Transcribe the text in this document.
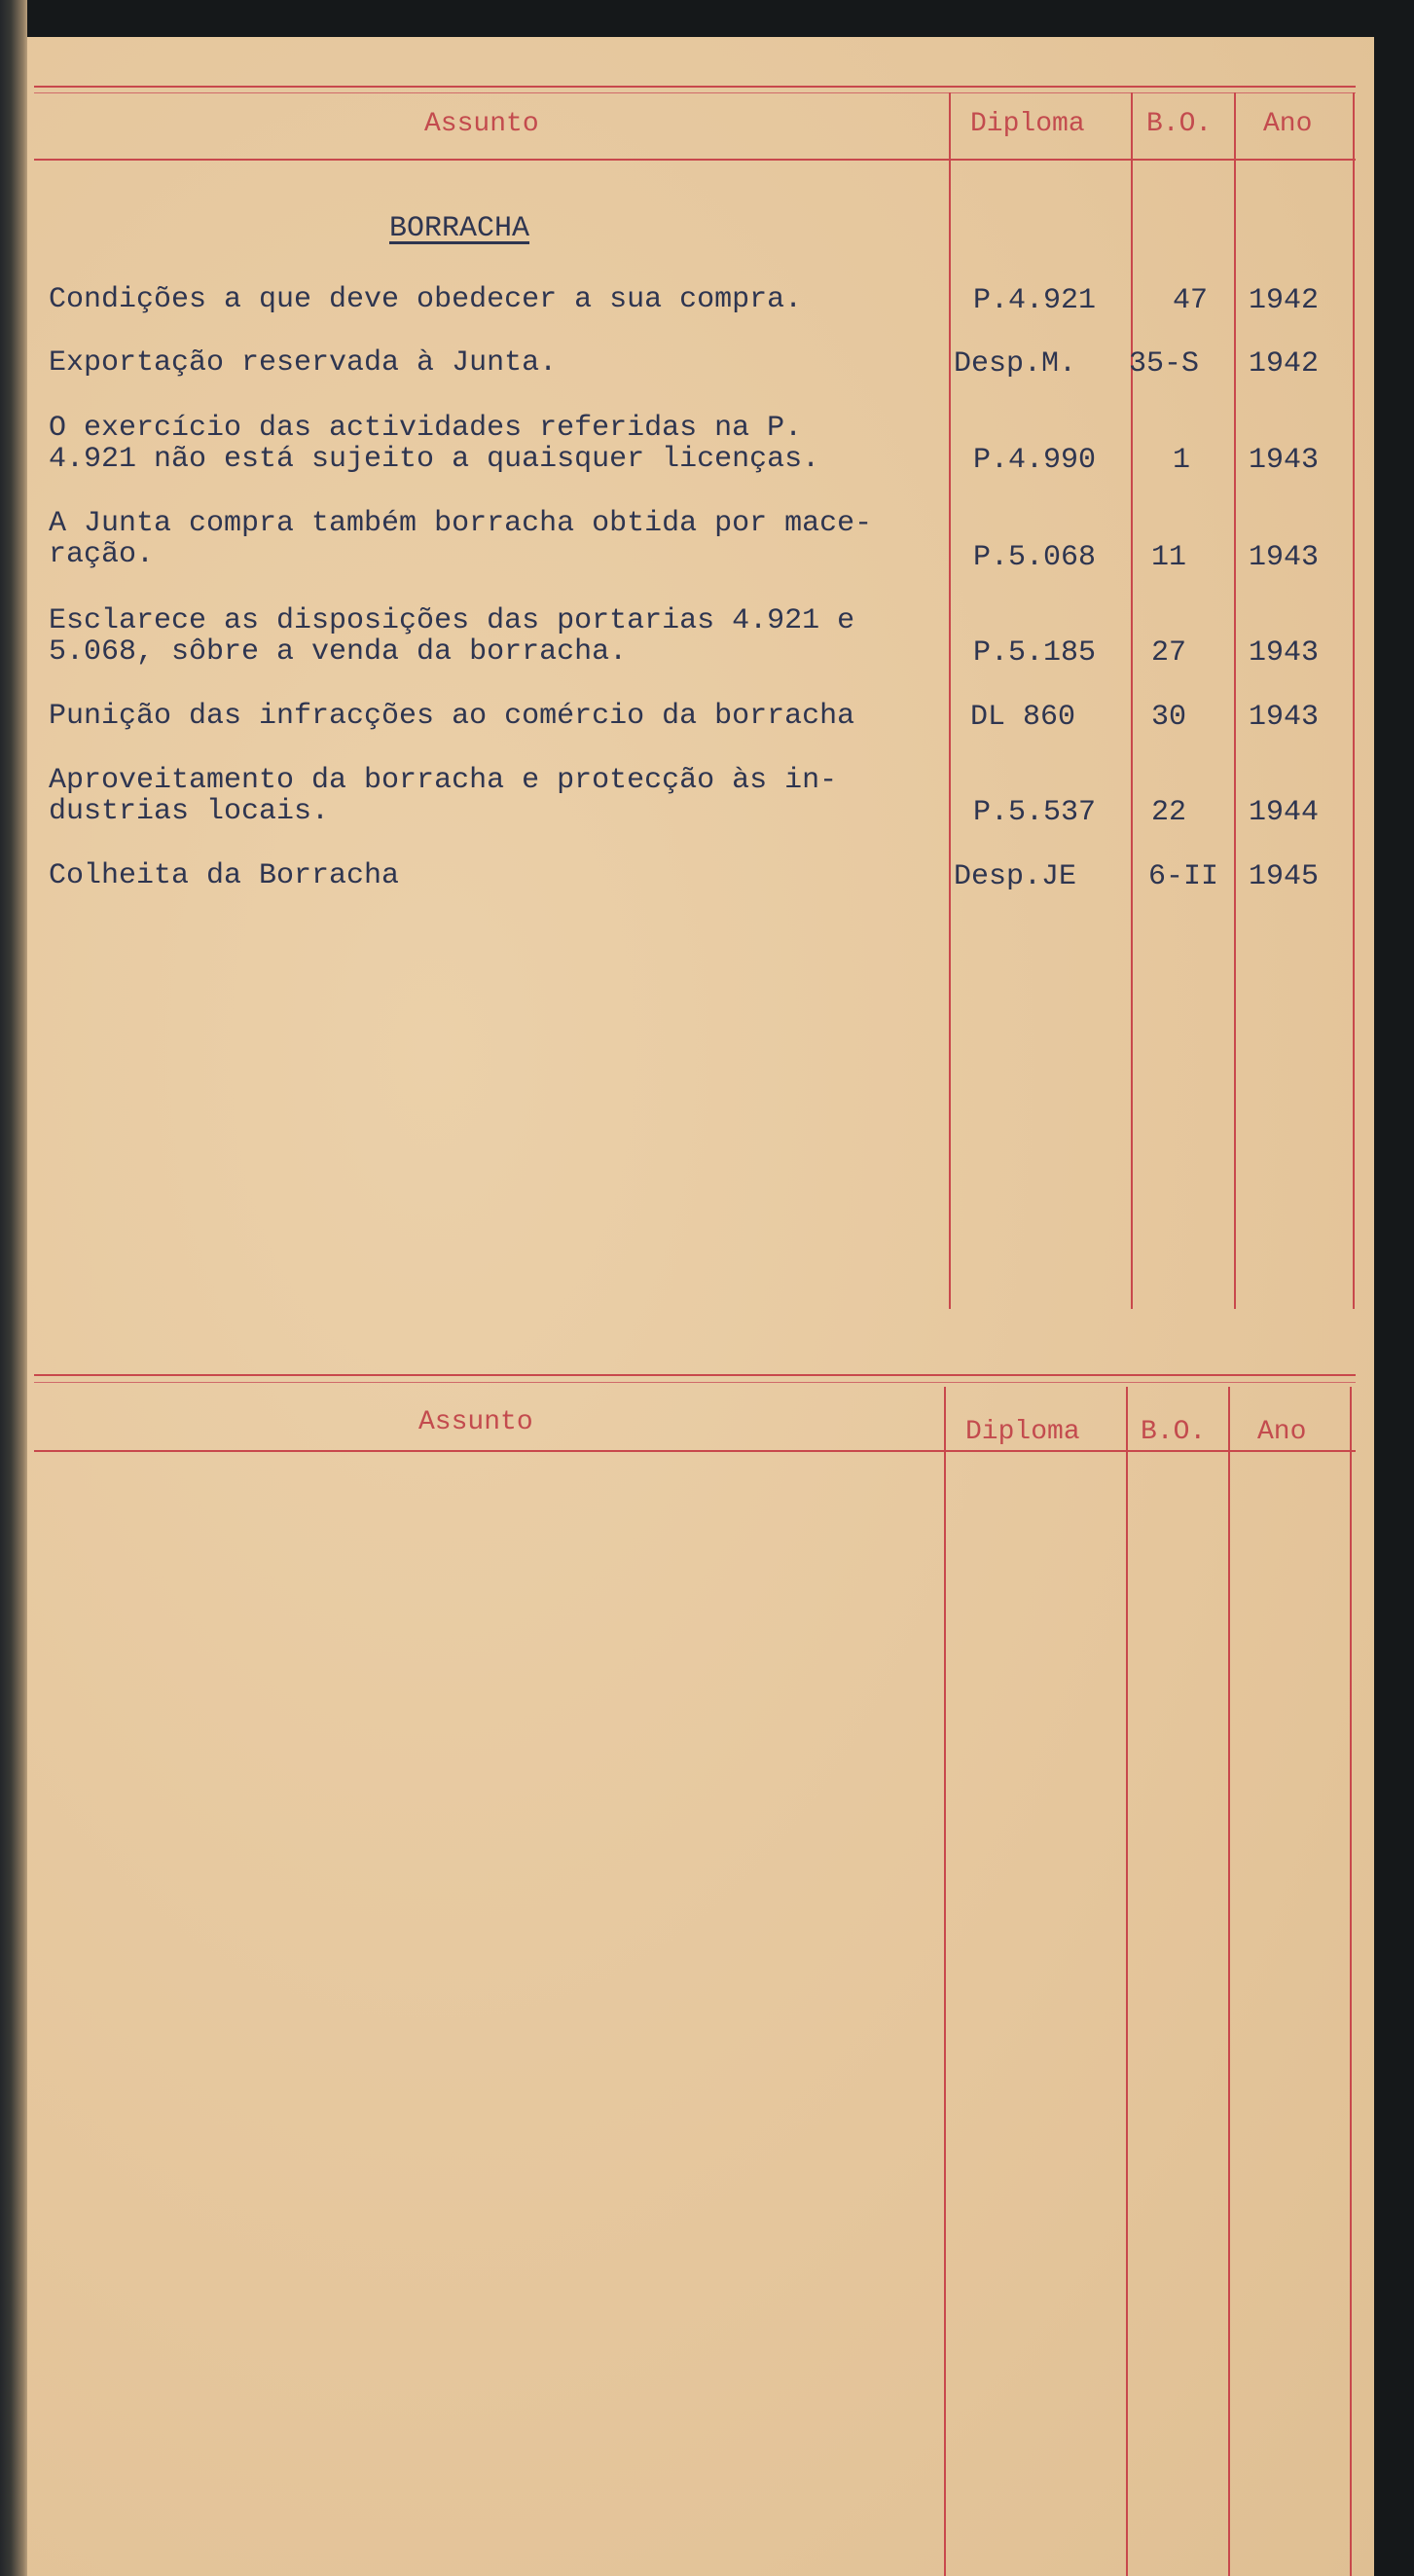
Assunto	Diploma B.O. Ano
BORRACHA
Condições a que deve obedecer a sua compra.	P.4.921	47 1942
Exportação reservada à Junta.	Desp.M. 35-S 1942
O exercício das actividades referidas na P.
4.921 não está sujeito a quaisquer licenças.	P.4.990	1 1943
A Junta compra também borracha obtida por mace-
ração.	P.5.068 11 1943
Esclarece as disposições das portarias 4.921 e
5.068, sôbre a venda da borracha.	P.5.185 27 1943
Punição das infracções ao comércio da borracha	DL 860	30 1943
Aproveitamento da borracha e protecção às in-
dustrias locais.	P.5.537 22 1944
Colheita da Borracha	Desp.JE 6-II 1945
Assunto	Diploma B.O. Ano
